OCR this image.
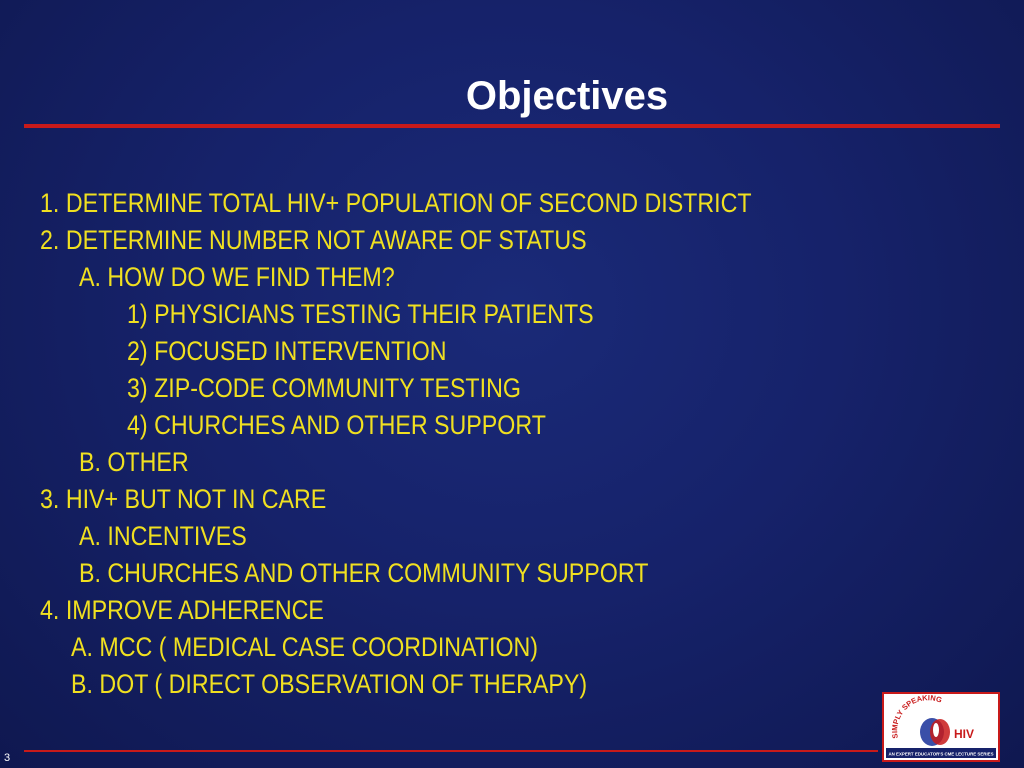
Objectives
1. DETERMINE TOTAL HIV+ POPULATION OF SECOND DISTRICT
2. DETERMINE NUMBER NOT AWARE OF STATUS
A. HOW DO WE FIND THEM?
1) PHYSICIANS TESTING THEIR PATIENTS
2) FOCUSED INTERVENTION
3) ZIP-CODE COMMUNITY TESTING
4) CHURCHES AND OTHER SUPPORT
B. OTHER
3. HIV+ BUT NOT IN CARE
A. INCENTIVES
B. CHURCHES AND OTHER COMMUNITY SUPPORT
4. IMPROVE ADHERENCE
A. MCC ( MEDICAL CASE COORDINATION)
B. DOT ( DIRECT OBSERVATION OF THERAPY)
3
SIMPLY SPEAKING
HIV
AN EXPERT EDUCATOR'S CME LECTURE SERIES
